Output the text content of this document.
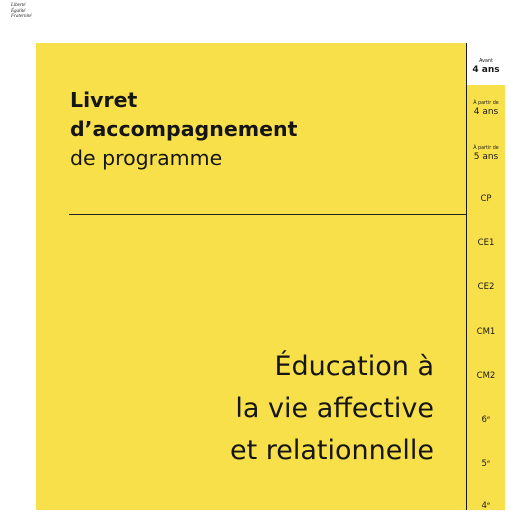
Liberté
Égalité
Fraternité
Livret
d’accompagnement
de programme
Éducation à
la vie affective
et relationnelle
Avant
4 ans
À partir de
4 ans
À partir de
5 ans
CP
CE1
CE2
CM1
CM2
6ᵉ
5ᵉ
4ᵉ
